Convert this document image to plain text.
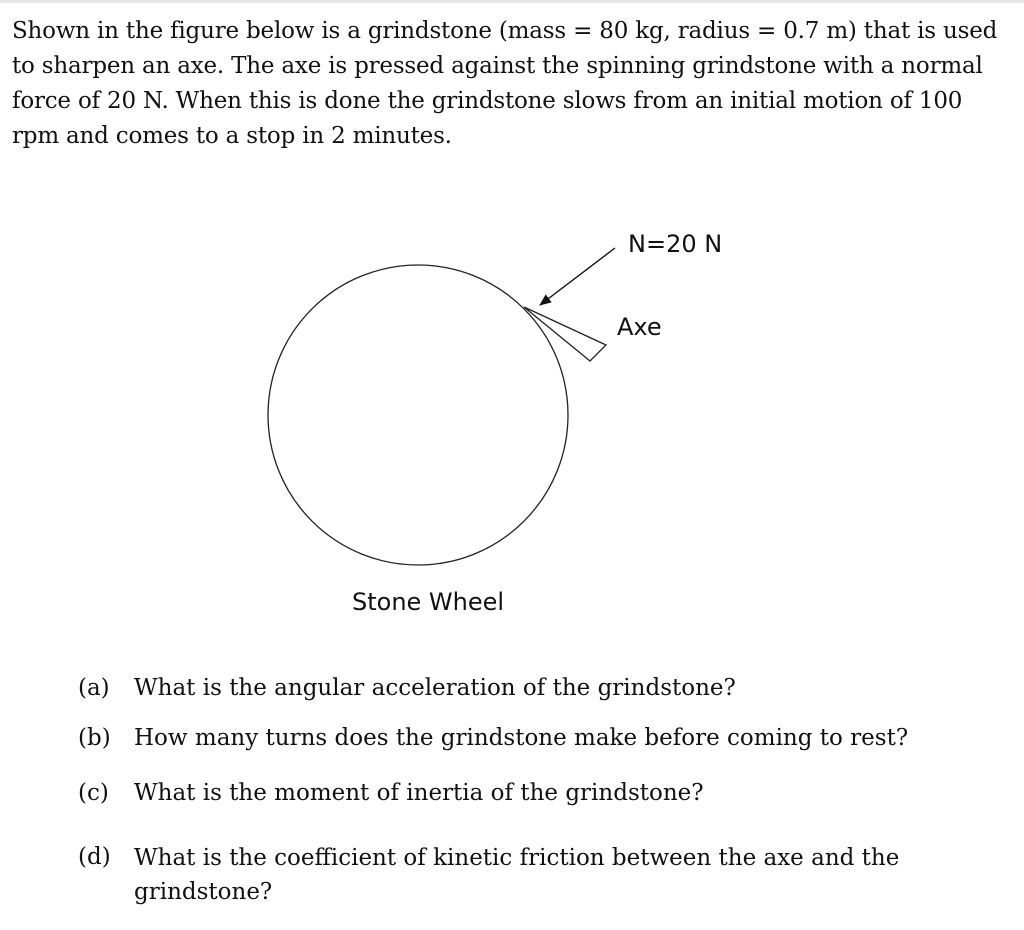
Shown in the figure below is a grindstone (mass = 80 kg, radius = 0.7 m) that is used to sharpen an axe. The axe is pressed against the spinning grindstone with a normal force of 20 N. When this is done the grindstone slows from an initial motion of 100 rpm and comes to a stop in 2 minutes.

N=20 N
Axe
Stone Wheel
(a) What is the angular acceleration of the grindstone?
(b) How many turns does the grindstone make before coming to rest?
(c) What is the moment of inertia of the grindstone?
(d) What is the coefficient of kinetic friction between the axe and the grindstone?
